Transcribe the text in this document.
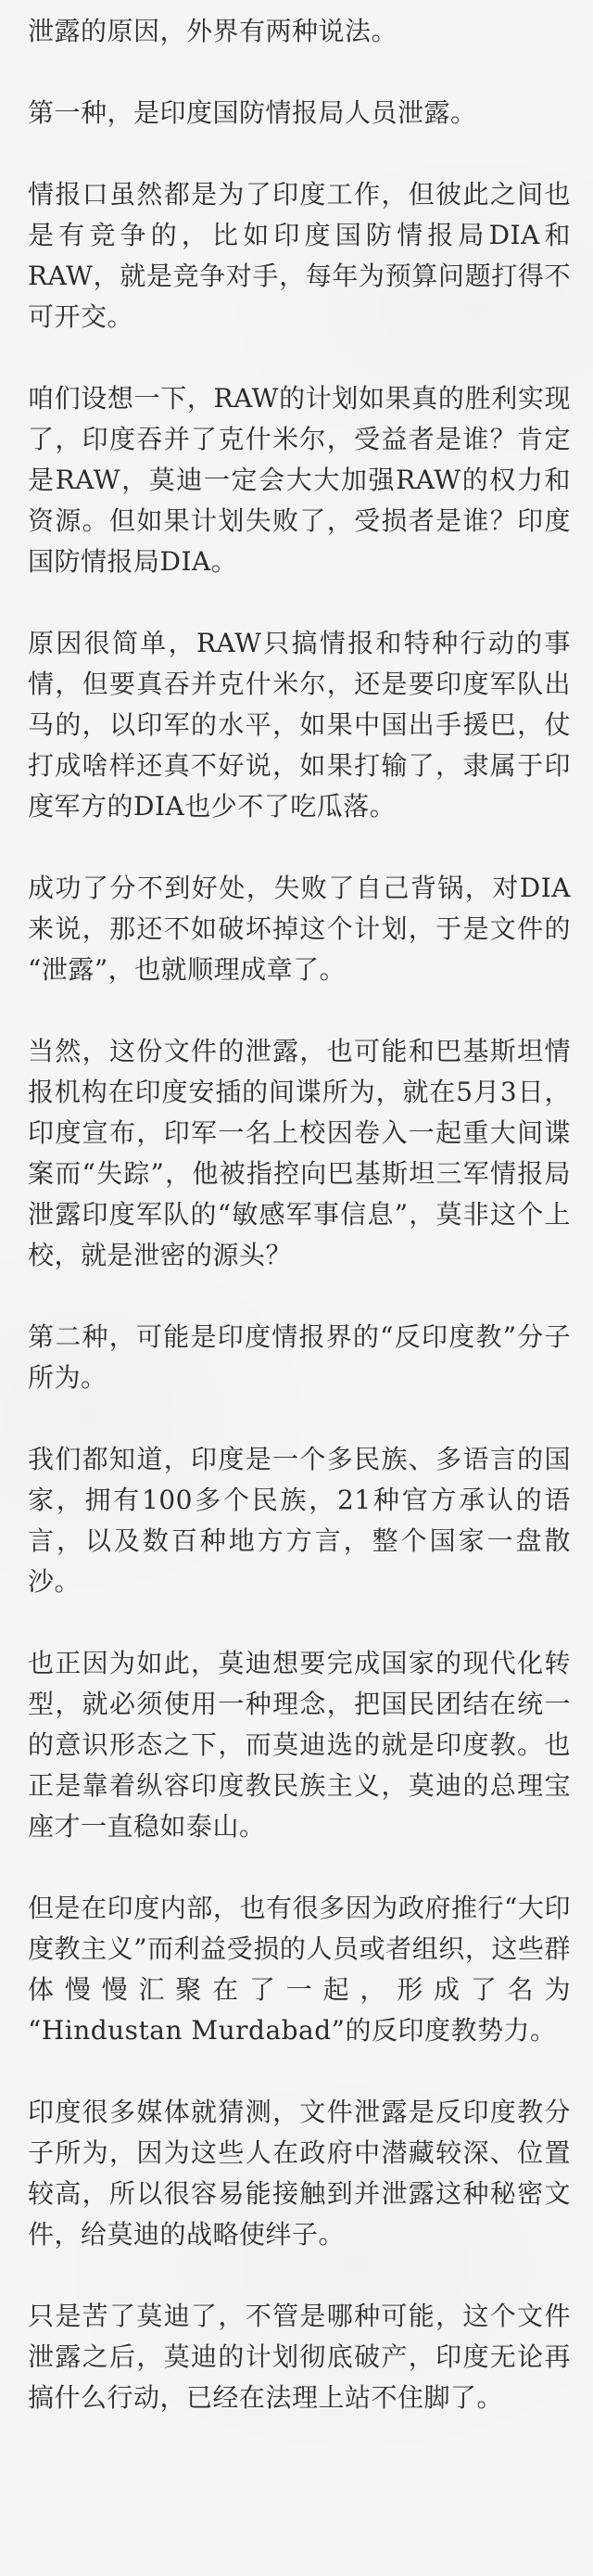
泄露的原因，外界有两种说法。

第一种，是印度国防情报局人员泄露。

情报口虽然都是为了印度工作，但彼此之间也是有竞争的，比如印度国防情报局DIA和RAW，就是竞争对手，每年为预算问题打得不可开交。

咱们设想一下，RAW的计划如果真的胜利实现了，印度吞并了克什米尔，受益者是谁？肯定是RAW，莫迪一定会大大加强RAW的权力和资源。但如果计划失败了，受损者是谁？印度国防情报局DIA。

原因很简单，RAW只搞情报和特种行动的事情，但要真吞并克什米尔，还是要印度军队出马的，以印军的水平，如果中国出手援巴，仗打成啥样还真不好说，如果打输了，隶属于印度军方的DIA也少不了吃瓜落。

成功了分不到好处，失败了自己背锅，对DIA来说，那还不如破坏掉这个计划，于是文件的“泄露”，也就顺理成章了。

当然，这份文件的泄露，也可能和巴基斯坦情报机构在印度安插的间谍所为，就在5月3日，印度宣布，印军一名上校因卷入一起重大间谍案而“失踪”，他被指控向巴基斯坦三军情报局泄露印度军队的“敏感军事信息”，莫非这个上校，就是泄密的源头？

第二种，可能是印度情报界的“反印度教”分子所为。

我们都知道，印度是一个多民族、多语言的国家，拥有100多个民族，21种官方承认的语言，以及数百种地方方言，整个国家一盘散沙。

也正因为如此，莫迪想要完成国家的现代化转型，就必须使用一种理念，把国民团结在统一的意识形态之下，而莫迪选的就是印度教。也正是靠着纵容印度教民族主义，莫迪的总理宝座才一直稳如泰山。

但是在印度内部，也有很多因为政府推行“大印度教主义”而利益受损的人员或者组织，这些群体慢慢汇聚在了一起，形成了名为“Hindustan Murdabad”的反印度教势力。

印度很多媒体就猜测，文件泄露是反印度教分子所为，因为这些人在政府中潜藏较深、位置较高，所以很容易能接触到并泄露这种秘密文件，给莫迪的战略使绊子。

只是苦了莫迪了，不管是哪种可能，这个文件泄露之后，莫迪的计划彻底破产，印度无论再搞什么行动，已经在法理上站不住脚了。
